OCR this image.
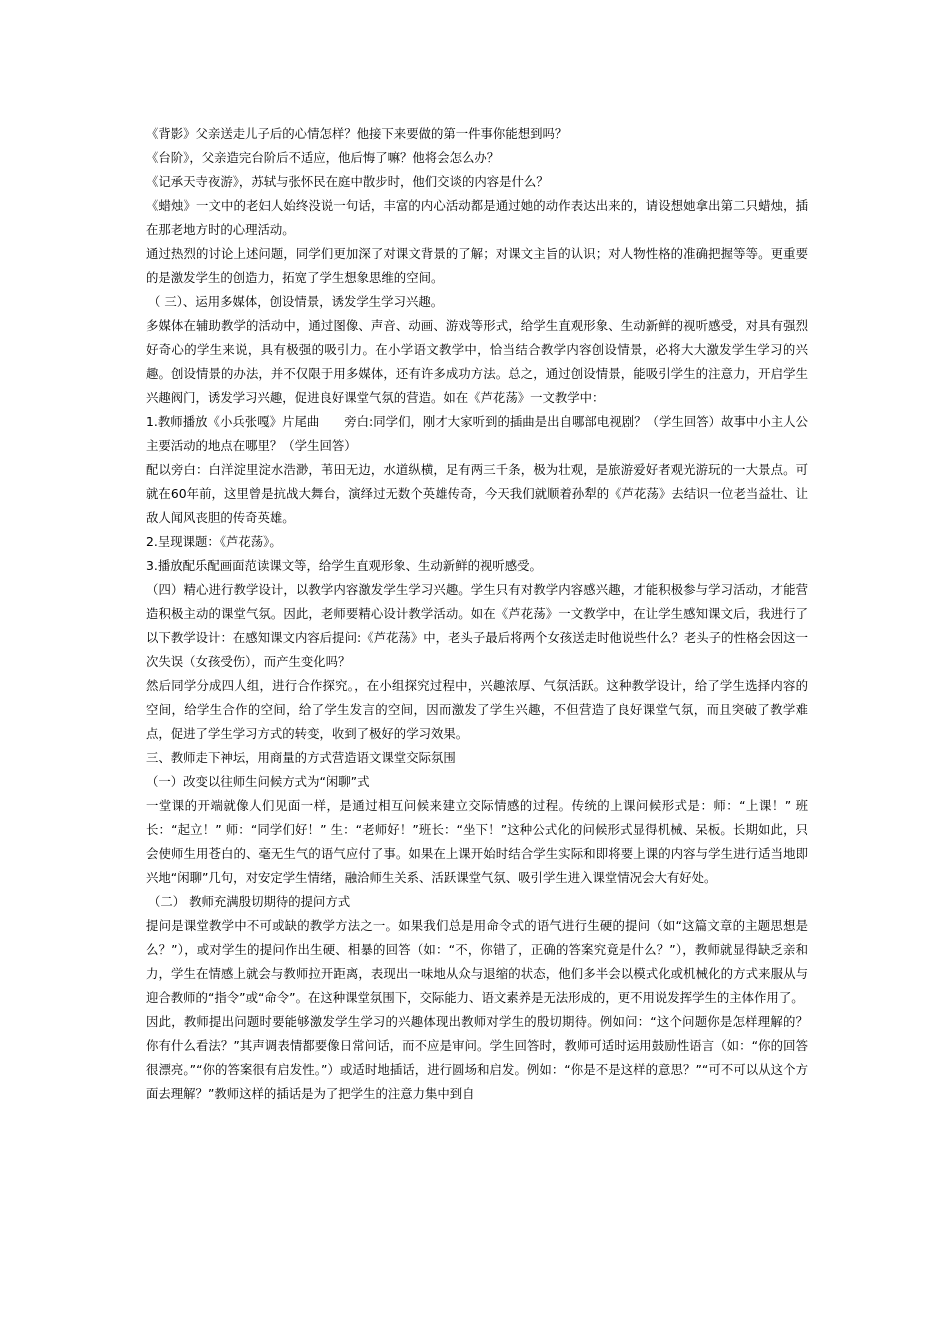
《背影》父亲送走儿子后的心情怎样？他接下来要做的第一件事你能想到吗？

《台阶》，父亲造完台阶后不适应，他后悔了嘛？他将会怎么办？

《记承天寺夜游》，苏轼与张怀民在庭中散步时，他们交谈的内容是什么？

《蜡烛》一文中的老妇人始终没说一句话，丰富的内心活动都是通过她的动作表达出来的，请设想她拿出第二只蜡烛，插在那老地方时的心理活动。

通过热烈的讨论上述问题，同学们更加深了对课文背景的了解；对课文主旨的认识；对人物性格的准确把握等等。更重要的是激发学生的创造力，拓宽了学生想象思维的空间。

（ 三）、运用多媒体，创设情景，诱发学生学习兴趣。

多媒体在辅助教学的活动中，通过图像、声音、动画、游戏等形式，给学生直观形象、生动新鲜的视听感受，对具有强烈好奇心的学生来说，具有极强的吸引力。在小学语文教学中，恰当结合教学内容创设情景，必将大大激发学生学习的兴趣。创设情景的办法，并不仅限于用多媒体，还有许多成功方法。总之，通过创设情景，能吸引学生的注意力，开启学生兴趣阀门，诱发学习兴趣，促进良好课堂气氛的营造。如在《芦花荡》一文教学中：

1.教师播放《小兵张嘎》片尾曲　　旁白:同学们，刚才大家听到的插曲是出自哪部电视剧？（学生回答）故事中小主人公主要活动的地点在哪里？（学生回答）

配以旁白：白洋淀里淀水浩渺，苇田无边，水道纵横，足有两三千条，极为壮观，是旅游爱好者观光游玩的一大景点。可就在60年前，这里曾是抗战大舞台，演绎过无数个英雄传奇，今天我们就顺着孙犁的《芦花荡》去结识一位老当益壮、让敌人闻风丧胆的传奇英雄。

2.呈现课题：《芦花荡》。

3.播放配乐配画面范读课文等，给学生直观形象、生动新鲜的视听感受。

（四）精心进行教学设计，以教学内容激发学生学习兴趣。学生只有对教学内容感兴趣，才能积极参与学习活动，才能营造积极主动的课堂气氛。因此，老师要精心设计教学活动。如在《芦花荡》一文教学中，在让学生感知课文后，我进行了以下教学设计：在感知课文内容后提问:《芦花荡》中，老头子最后将两个女孩送走时他说些什么？老头子的性格会因这一次失误（女孩受伤），而产生变化吗？

然后同学分成四人组，进行合作探究。，在小组探究过程中，兴趣浓厚、气氛活跃。这种教学设计，给了学生选择内容的空间，给学生合作的空间，给了学生发言的空间，因而激发了学生兴趣，不但营造了良好课堂气氛，而且突破了教学难点，促进了学生学习方式的转变，收到了极好的学习效果。

三、教师走下神坛，用商量的方式营造语文课堂交际氛围

（一）改变以往师生问候方式为“闲聊”式

一堂课的开端就像人们见面一样，是通过相互问候来建立交际情感的过程。传统的上课问候形式是：师：“上课！” 班长：“起立！” 师：“同学们好！” 生：“老师好！”班长：“坐下！”这种公式化的问候形式显得机械、呆板。长期如此，只会使师生用苍白的、毫无生气的语气应付了事。如果在上课开始时结合学生实际和即将要上课的内容与学生进行适当地即兴地“闲聊”几句，对安定学生情绪，融洽师生关系、活跃课堂气氛、吸引学生进入课堂情况会大有好处。

（二） 教师充满殷切期待的提问方式

提问是课堂教学中不可或缺的教学方法之一。如果我们总是用命令式的语气进行生硬的提问（如“这篇文章的主题思想是么？”），或对学生的提问作出生硬、相暴的回答（如：“不，你错了，正确的答案究竟是什么？”），教师就显得缺乏亲和力，学生在情感上就会与教师拉开距离，表现出一味地从众与退缩的状态，他们多半会以模式化或机械化的方式来服从与迎合教师的“指令”或“命令”。在这种课堂氛围下，交际能力、语文素养是无法形成的，更不用说发挥学生的主体作用了。

因此，教师提出问题时要能够激发学生学习的兴趣体现出教师对学生的殷切期待。例如问：“这个问题你是怎样理解的？你有什么看法？”其声调表情都要像日常问话，而不应是审问。学生回答时，教师可适时运用鼓励性语言（如：“你的回答很漂亮。”“你的答案很有启发性。”）或适时地插话，进行圆场和启发。例如：“你是不是这样的意思？”“可不可以从这个方面去理解？”教师这样的插话是为了把学生的注意力集中到自
